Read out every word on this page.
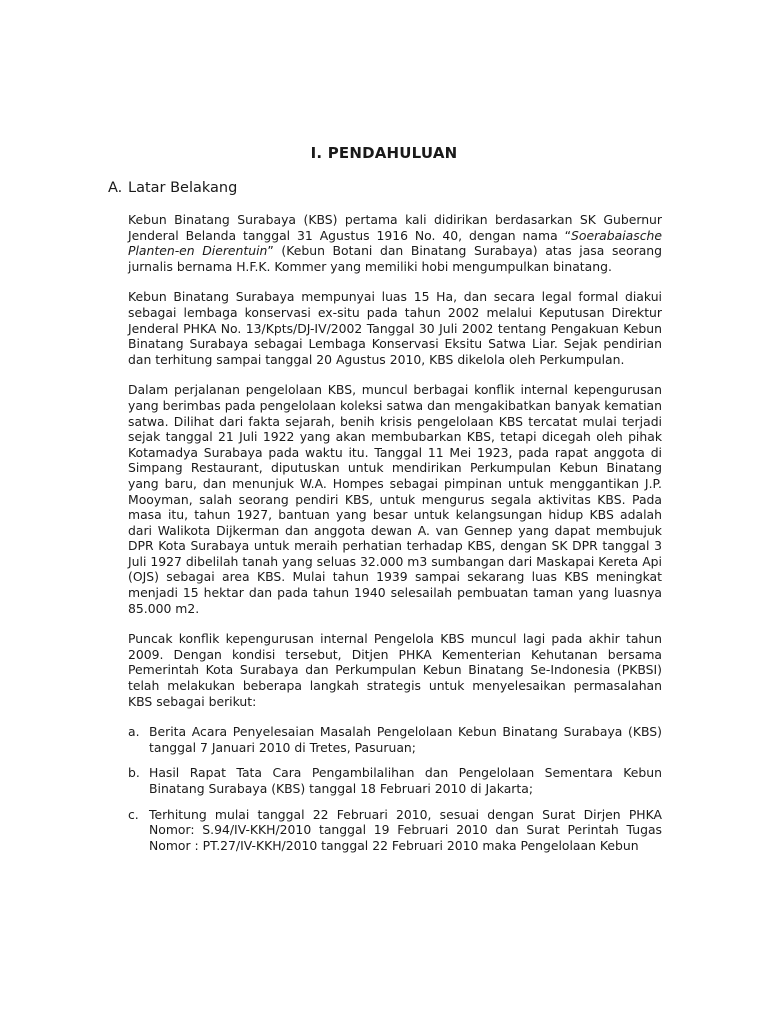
I. PENDAHULUAN
A. Latar Belakang

Kebun Binatang Surabaya (KBS) pertama kali didirikan berdasarkan SK Gubernur Jenderal Belanda tanggal 31 Agustus 1916 No. 40, dengan nama “Soerabaiasche Planten-en Dierentuin” (Kebun Botani dan Binatang Surabaya) atas jasa seorang jurnalis bernama H.F.K. Kommer yang memiliki hobi mengumpulkan binatang.

Kebun Binatang Surabaya mempunyai luas 15 Ha, dan secara legal formal diakui sebagai lembaga konservasi ex-situ pada tahun 2002 melalui Keputusan Direktur Jenderal PHKA No. 13/Kpts/DJ-IV/2002 Tanggal 30 Juli 2002 tentang Pengakuan Kebun Binatang Surabaya sebagai Lembaga Konservasi Eksitu Satwa Liar. Sejak pendirian dan terhitung sampai tanggal 20 Agustus 2010, KBS dikelola oleh Perkumpulan.

Dalam perjalanan pengelolaan KBS, muncul berbagai konflik internal kepengurusan yang berimbas pada pengelolaan koleksi satwa dan mengakibatkan banyak kematian satwa. Dilihat dari fakta sejarah, benih krisis pengelolaan KBS tercatat mulai terjadi sejak tanggal 21 Juli 1922 yang akan membubarkan KBS, tetapi dicegah oleh pihak Kotamadya Surabaya pada waktu itu. Tanggal 11 Mei 1923, pada rapat anggota di Simpang Restaurant, diputuskan untuk mendirikan Perkumpulan Kebun Binatang yang baru, dan menunjuk W.A. Hompes sebagai pimpinan untuk menggantikan J.P. Mooyman, salah seorang pendiri KBS, untuk mengurus segala aktivitas KBS. Pada masa itu, tahun 1927, bantuan yang besar untuk kelangsungan hidup KBS adalah dari Walikota Dijkerman dan anggota dewan A. van Gennep yang dapat membujuk DPR Kota Surabaya untuk meraih perhatian terhadap KBS, dengan SK DPR tanggal 3 Juli 1927 dibelilah tanah yang seluas 32.000 m3 sumbangan dari Maskapai Kereta Api (OJS) sebagai area KBS. Mulai tahun 1939 sampai sekarang luas KBS meningkat menjadi 15 hektar dan pada tahun 1940 selesailah pembuatan taman yang luasnya 85.000 m2.

Puncak konflik kepengurusan internal Pengelola KBS muncul lagi pada akhir tahun 2009. Dengan kondisi tersebut, Ditjen PHKA Kementerian Kehutanan bersama Pemerintah Kota Surabaya dan Perkumpulan Kebun Binatang Se-Indonesia (PKBSI) telah melakukan beberapa langkah strategis untuk menyelesaikan permasalahan KBS sebagai berikut:

a. Berita Acara Penyelesaian Masalah Pengelolaan Kebun Binatang Surabaya (KBS) tanggal 7 Januari 2010 di Tretes, Pasuruan;
b. Hasil Rapat Tata Cara Pengambilalihan dan Pengelolaan Sementara Kebun Binatang Surabaya (KBS) tanggal 18 Februari 2010 di Jakarta;
c. Terhitung mulai tanggal 22 Februari 2010, sesuai dengan Surat Dirjen PHKA Nomor: S.94/IV-KKH/2010 tanggal 19 Februari 2010 dan Surat Perintah Tugas Nomor : PT.27/IV-KKH/2010 tanggal 22 Februari 2010 maka Pengelolaan Kebun
